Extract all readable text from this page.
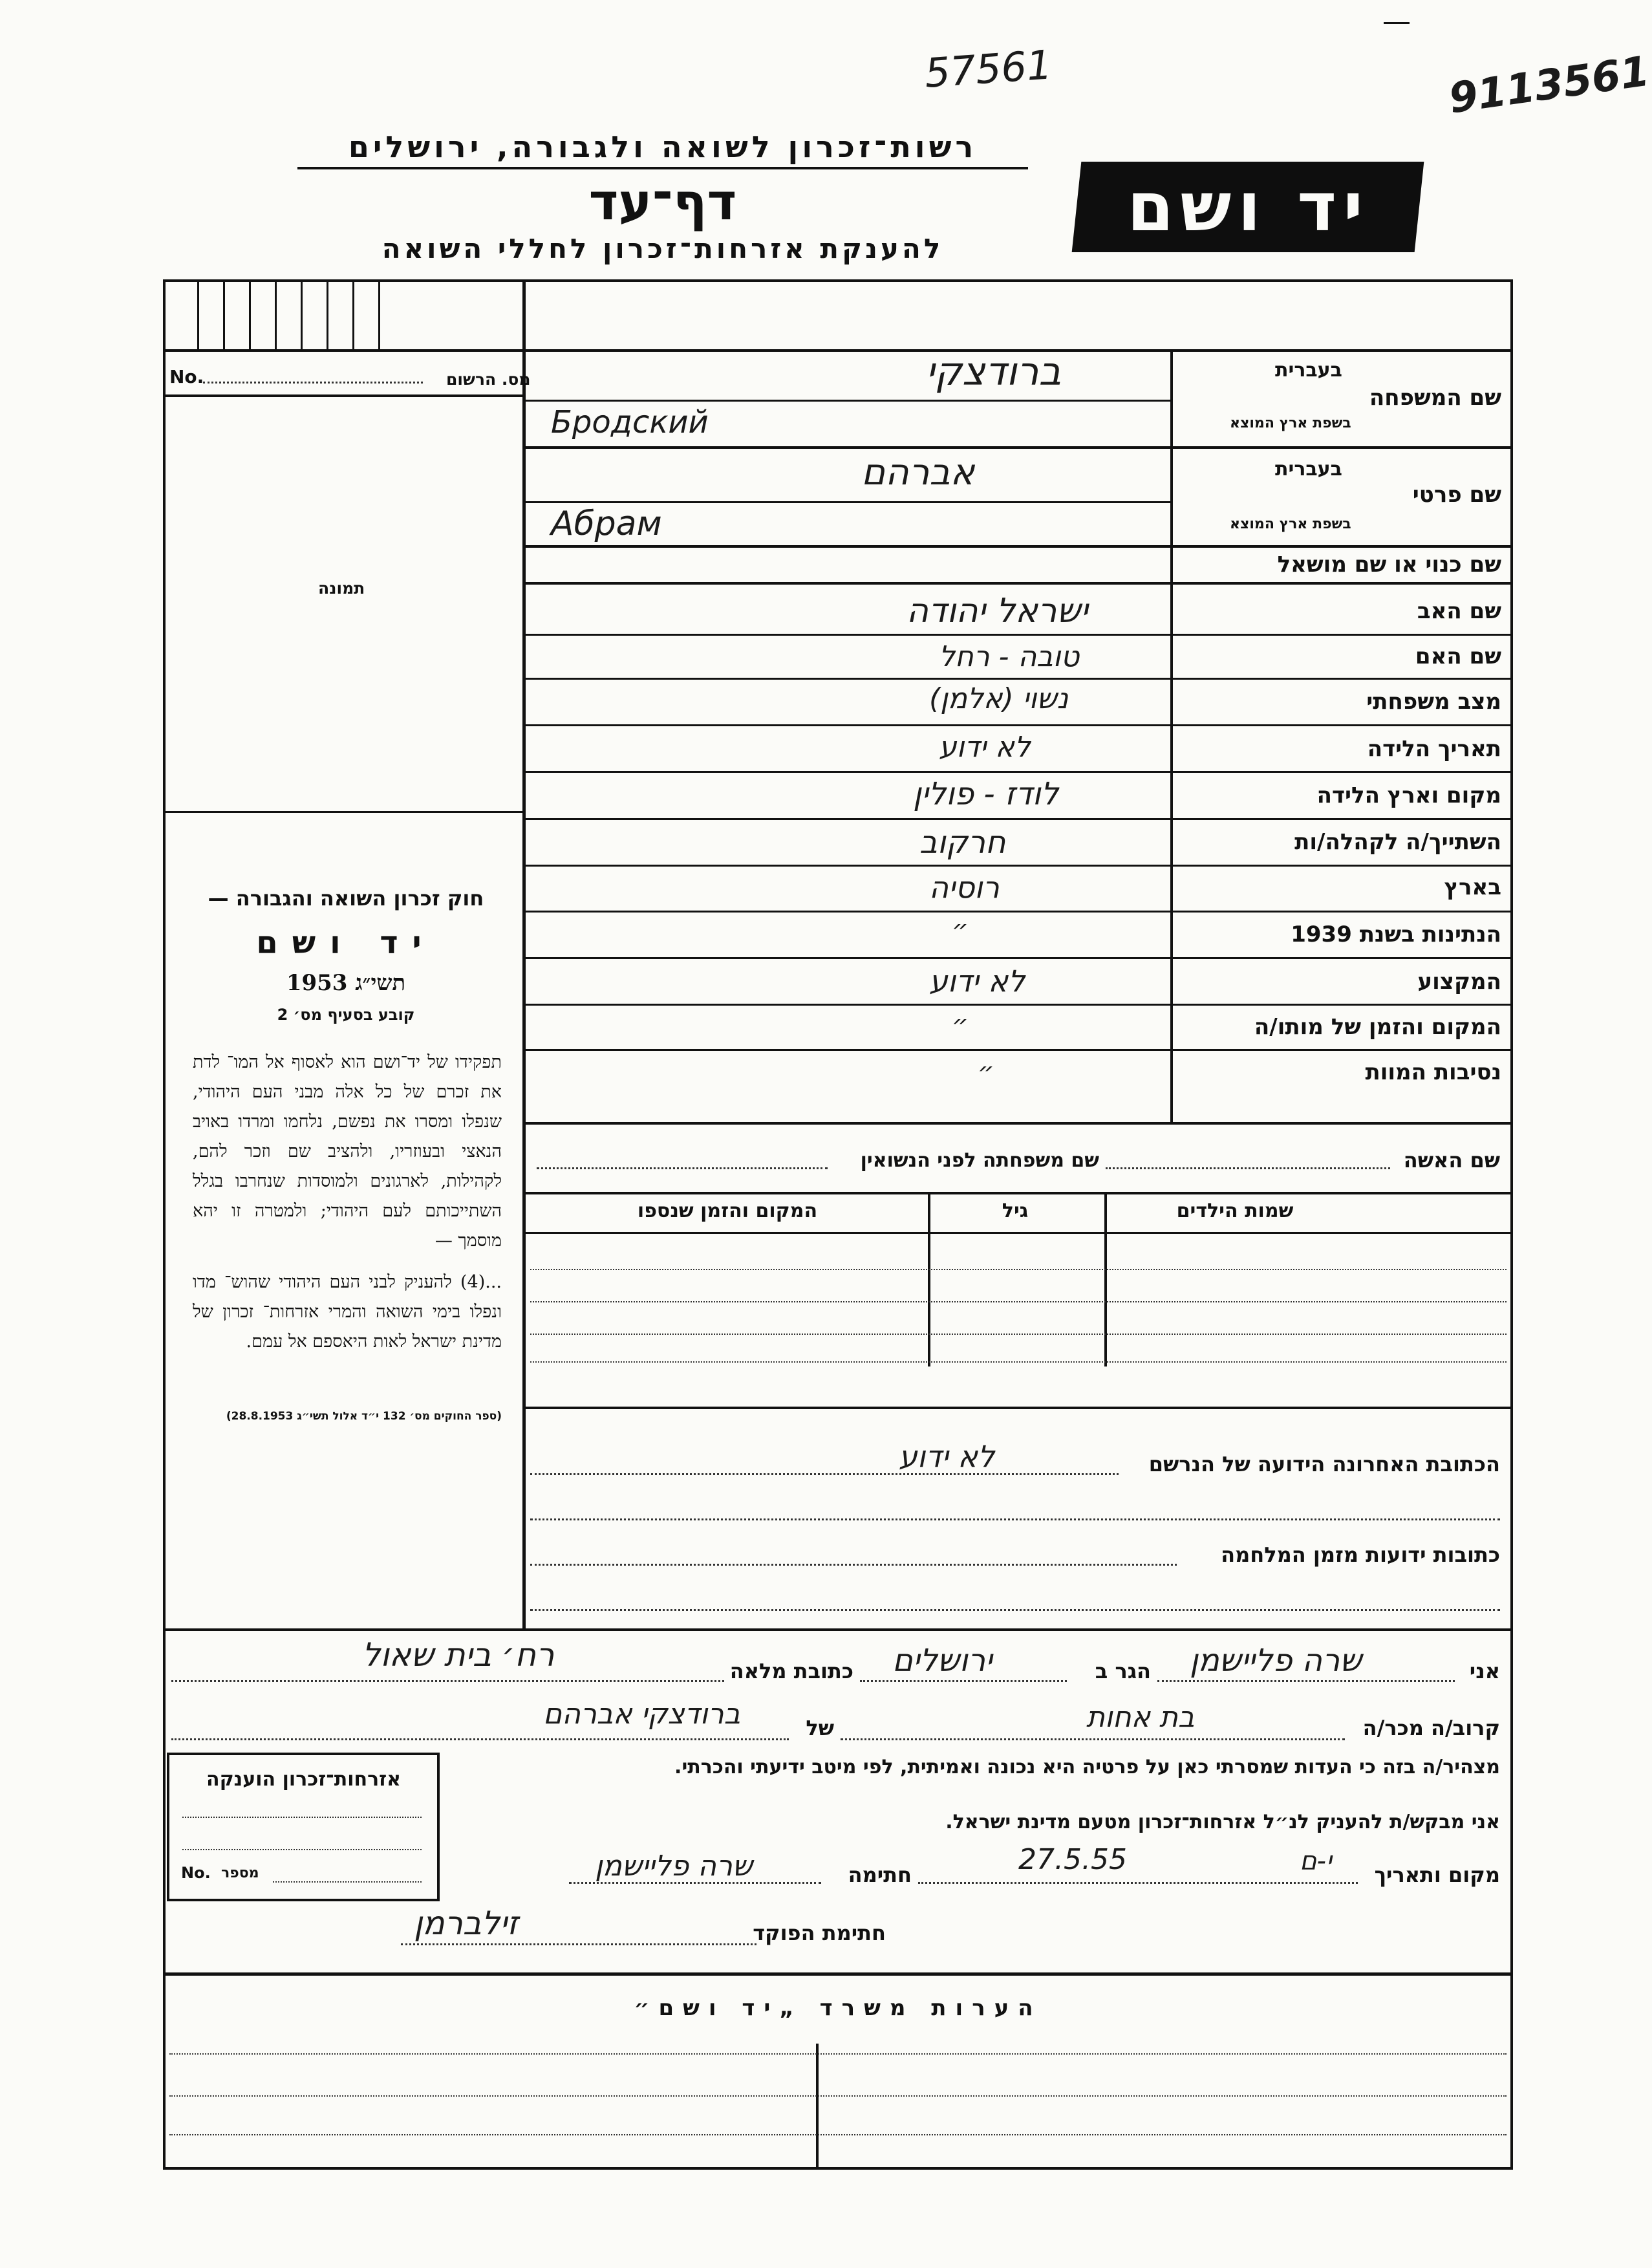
57561	9113561
רשות־זכרון לשואה ולגבורה, ירושלים
דף־עד
להענקת אזרחות־זכרון לחללי השואה
יד ושם
מס. הרשום
No.
תמונה
חוק זכרון השואה והגבורה —
יד ושם
תשי״ג 1953
קובע בסעיף מס׳ 2
תפקידו של יד־ושם הוא לאסוף אל המו־ לדת את זכרם של כל אלה מבני העם היהודי, שנפלו ומסרו את נפשם, נלחמו ומרדו באויב הנאצי ובעוזריו, ולהציב שם וזכר להם, לקהילות, לארגונים ולמוסדות שנחרבו בגלל השתייכותם לעם היהודי; ולמטרה זו יהא מוסמך —
...(4) להעניק לבני העם היהודי שהוש־ מדו ונפלו בימי השואה והמרי אזרחות־ זכרון של מדינת ישראל לאות היאספם אל עמם.
(ספר החוקים מס׳ 132 י״ד אלול תשי״ג 28.8.1953)
בעברית
שם המשפחה
בשפת ארץ המוצא
ברודצקי
Бродский
בעברית
שם פרטי
בשפת ארץ המוצא
אברהם
Абрам
שם כנוי או שם מושאל
שם האב
ישראל יהודה
שם האם
טובה - רחל
מצב משפחתי
נשוי (אלמן)
תאריך הלידה
לא ידוע
מקום וארץ הלידה
לודז - פולין
השתייך/ה לקהלה/ות
חרקוב
בארץ
רוסיה
הנתינות בשנת 1939
״
המקצוע
לא ידוע
המקום והזמן של מותו/ה
״
נסיבות המוות
״
שם האשה
שם משפחתה לפני הנשואין
שמות הילדים
גיל
המקום והזמן שנספו
הכתובת האחרונה הידועה של הנרשם
לא ידוע
כתובות ידועות מזמן המלחמה
אני
שרה פליישמן
הגר ב
ירושלים
כתובת מלאה
רח׳ בית שאול
קרוב/ה מכר/ה
בת אחות
של
ברודצקי אברהם
מצהיר/ה בזה כי העדות שמסרתי כאן על פרטיה היא נכונה ואמיתית, לפי מיטב ידיעתי והכרתי.
אני מבקש/ת להעניק לנ״ל אזרחות־זכרון מטעם מדינת ישראל.
מקום ותאריך
י-ם
27.5.55
חתימה
שרה פליישמן
אזרחות־זכרון הוענקה
No. מספר
חתימת הפוקד
זילברמן
הערות משרד „יד ושם״
